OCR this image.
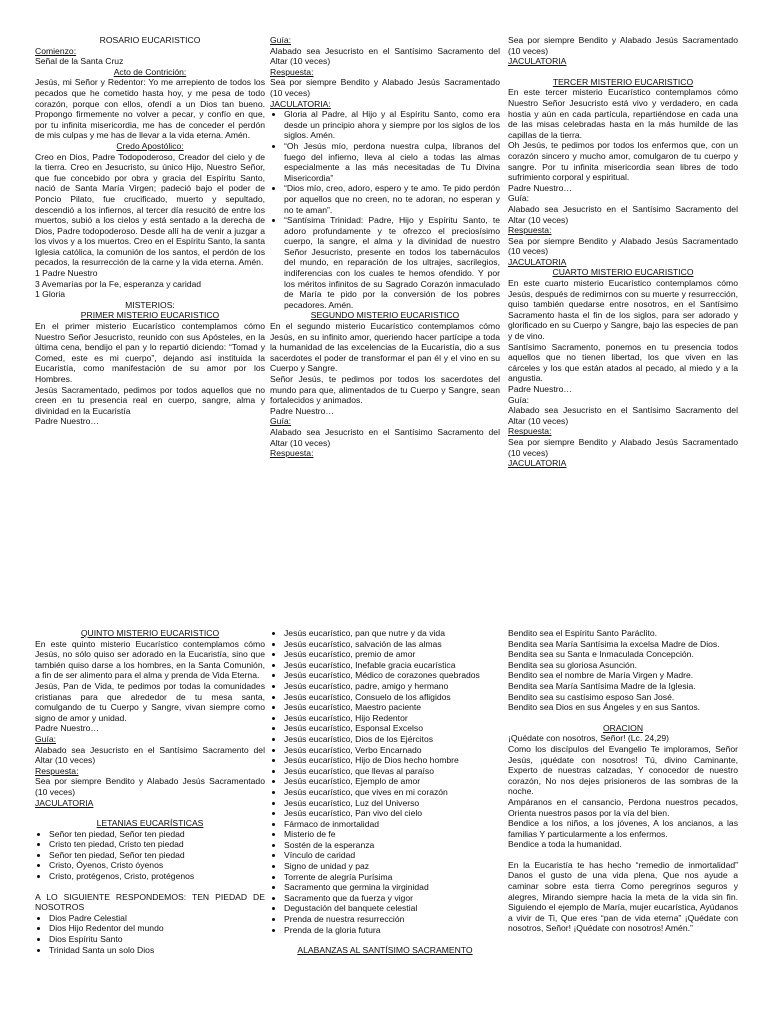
ROSARIO EUCARISTICO
Comienzo:
Señal de la Santa Cruz
Acto de Contrición:

Jesús, mi Señor y Redentor: Yo me arrepiento de todos los pecados que he cometido hasta hoy, y me pesa de todo corazón, porque con ellos, ofendí a un Dios tan bueno. Propongo firmemente no volver a pecar, y confío en que, por tu infinita misericordia, me has de conceder el perdón de mis culpas y me has de llevar a la vida eterna. Amén.

Credo Apostólico:

Creo en Dios, Padre Todopoderoso, Creador del cielo y de la tierra. Creo en Jesucristo, su único Hijo, Nuestro Señor, que fue concebido por obra y gracia del Espíritu Santo, nació de Santa María Virgen; padeció bajo el poder de Poncio Pilato, fue crucificado, muerto y sepultado, descendió a los infiernos, al tercer día resucitó de entre los muertos, subió a los cielos y está sentado a la derecha de Dios, Padre todopoderoso. Desde allí ha de venir a juzgar a los vivos y a los muertos. Creo en el Espíritu Santo, la santa Iglesia católica, la comunión de los santos, el perdón de los pecados, la resurrección de la carne y la vida eterna. Amén.

1 Padre Nuestro
3 Avemarías por la Fe, esperanza y caridad
1 Gloria
MISTERIOS:
PRIMER MISTERIO EUCARISTICO

En el primer misterio Eucarístico contemplamos cómo Nuestro Señor Jesucristo, reunido con sus Apósteles, en la última cena, bendijo el pan y lo repartió diciendo: “Tomad y Comed, este es mi cuerpo”, dejando así instituida la Eucaristía, como manifestación de su amor por los Hombres.

Jesús Sacramentado, pedimos por todos aquellos que no creen en tu presencia real en cuerpo, sangre, alma y divinidad en la Eucaristía

Padre Nuestro…
Guía:

Alabado sea Jesucristo en el Santísimo Sacramento del Altar (10 veces)

Respuesta:

Sea por siempre Bendito y Alabado Jesús Sacramentado (10 veces)

JACULATORIA:
• Gloria al Padre, al Hijo y al Espíritu Santo, como era desde un principio ahora y siempre por los siglos de los siglos. Amén.
• “Oh Jesús mío, perdona nuestra culpa, líbranos del fuego del infierno, lleva al cielo a todas las almas especialmente a las más necesitadas de Tu Divina Misericordia”
• “Dios mío, creo, adoro, espero y te amo. Te pido perdón por aquellos que no creen, no te adoran, no esperan y no te aman”.
• “Santísima Trinidad: Padre, Hijo y Espíritu Santo, te adoro profundamente y te ofrezco el preciosísimo cuerpo, la sangre, el alma y la divinidad de nuestro Señor Jesucristo, presente en todos los tabernáculos del mundo, en reparación de los ultrajes, sacrilegios, indiferencias con los cuales te hemos ofendido. Y por los méritos infinitos de su Sagrado Corazón inmaculado de María te pido por la conversión de los pobres pecadores. Amén.
SEGUNDO MISTERIO EUCARISTICO

En el segundo misterio Eucarístico contemplamos cómo Jesús, en su infinito amor, queriendo hacer partícipe a toda la humanidad de las excelencias de la Eucaristía, dio a sus sacerdotes el poder de transformar el pan él y el vino en su Cuerpo y Sangre.

Señor Jesús, te pedimos por todos los sacerdotes del mundo para que, alimentados de tu Cuerpo y Sangre, sean fortalecidos y animados.

Padre Nuestro…
Guía:

Alabado sea Jesucristo en el Santísimo Sacramento del Altar (10 veces)

Respuesta:

Sea por siempre Bendito y Alabado Jesús Sacramentado (10 veces)

JACULATORIA
TERCER MISTERIO EUCARISTICO

En este tercer misterio Eucarístico contemplamos cómo Nuestro Señor Jesucristo está vivo y verdadero, en cada hostia y aún en cada partícula, repartiéndose en cada una de las misas celebradas hasta en la más humilde de las capillas de la tierra.

Oh Jesús, te pedimos por todos los enfermos que, con un corazón sincero y mucho amor, comulgaron de tu cuerpo y sangre. Por tu infinita misericordia sean libres de todo sufrimiento corporal y espiritual.

Padre Nuestro…
Guía:

Alabado sea Jesucristo en el Santísimo Sacramento del Altar (10 veces)

Respuesta:

Sea por siempre Bendito y Alabado Jesús Sacramentado (10 veces)

JACULATORIA
CUARTO MISTERIO EUCARISTICO

En este cuarto misterio Eucarístico contemplamos cómo Jesús, después de redimirnos con su muerte y resurrección, quiso también quedarse entre nosotros, en el Santísimo Sacramento hasta el fin de los siglos, para ser adorado y glorificado en su Cuerpo y Sangre, bajo las especies de pan y de vino.

Santísimo Sacramento, ponemos en tu presencia todos aquellos que no tienen libertad, los que viven en las cárceles y los que están atados al pecado, al miedo y a la angustia.

Padre Nuestro…
Guía:

Alabado sea Jesucristo en el Santísimo Sacramento del Altar (10 veces)

Respuesta:

Sea por siempre Bendito y Alabado Jesús Sacramentado (10 veces)

JACULATORIA
QUINTO MISTERIO EUCARISTICO

En este quinto misterio Eucarístico contemplamos cómo Jesús, no sólo quiso ser adorado en la Eucaristía, sino que también quiso darse a los hombres, en la Santa Comunión, a fin de ser alimento para el alma y prenda de Vida Eterna.

Jesús, Pan de Vida, te pedimos por todas la comunidades cristianas para que alrededor de tu mesa santa, comulgando de tu Cuerpo y Sangre, vivan siempre como signo de amor y unidad.

Padre Nuestro…
Guía:

Alabado sea Jesucristo en el Santísimo Sacramento del Altar (10 veces)

Respuesta:

Sea por siempre Bendito y Alabado Jesús Sacramentado (10 veces)

JACULATORIA
LETANIAS EUCARÍSTICAS
• Señor ten piedad, Señor ten piedad
• Cristo ten piedad, Cristo ten piedad
• Señor ten piedad, Señor ten piedad
• Cristo, Óyenos, Cristo óyenos
• Cristo, protégenos, Cristo, protégenos

A LO SIGUIENTE RESPONDEMOS: TEN PIEDAD DE NOSOTROS

• Dios Padre Celestial
• Dios Hijo Redentor del mundo
• Dios Espíritu Santo
• Trinidad Santa un solo Dios
• Jesús eucarístico, pan que nutre y da vida
• Jesús eucarístico, salvación de las almas
• Jesús eucarístico, premio de amor
• Jesús eucarístico, Inefable gracia eucarística
• Jesús eucarístico, Médico de corazones quebrados
• Jesús eucarístico, padre, amigo y hermano
• Jesús eucarístico, Consuelo de los afligidos
• Jesús eucarístico, Maestro paciente
• Jesús eucarístico, Hijo Redentor
• Jesús eucarístico, Esponsal Excelso
• Jesús eucarístico, Dios de los Ejércitos
• Jesús eucarístico, Verbo Encarnado
• Jesús eucarístico, Hijo de Dios hecho hombre
• Jesús eucarístico, que llevas al paraíso
• Jesús eucarístico, Ejemplo de amor
• Jesús eucarístico, que vives en mi corazón
• Jesús eucarístico, Luz del Universo
• Jesús eucarístico, Pan vivo del cielo
• Fármaco de inmortalidad
• Misterio de fe
• Sostén de la esperanza
• Vínculo de caridad
• Signo de unidad y paz
• Torrente de alegría Purísima
• Sacramento que germina la virginidad
• Sacramento que da fuerza y vigor
• Degustación del banquete celestial
• Prenda de nuestra resurrección
• Prenda de la gloria futura
ALABANZAS AL SANTÍSIMO SACRAMENTO

Bendito sea el Espíritu Santo Paráclito.

Bendita sea María Santísima la excelsa Madre de Dios.

Bendita sea su Santa e Inmaculada Concepción.

Bendita sea su gloriosa Asunción.

Bendito sea el nombre de María Virgen y Madre.

Bendita sea María Santísima Madre de la Iglesia.

Bendito sea su castísimo esposo San José.

Bendito sea Dios en sus Ángeles y en sus Santos.

ORACION

¡Quédate con nosotros, Señor! (Lc. 24,29)

Como los discípulos del Evangelio Te imploramos, Señor Jesús, ¡quédate con nosotros! Tú, divino Caminante, Experto de nuestras calzadas, Y conocedor de nuestro corazón, No nos dejes prisioneros de las sombras de la noche.

Ampáranos en el cansancio, Perdona nuestros pecados, Orienta nuestros pasos por la vía del bien.

Bendice a los niños, a los jóvenes, A los ancianos, a las familias Y particularmente a los enfermos.

Bendice a toda la humanidad.

En la Eucaristía te has hecho “remedio de inmortalidad” Danos el gusto de una vida plena, Que nos ayude a caminar sobre esta tierra Como peregrinos seguros y alegres, Mirando siempre hacia la meta de la vida sin fin. Siguiendo el ejemplo de María, mujer eucarística, Ayúdanos a vivir de Ti, Que eres “pan de vida eterna” ¡Quédate con nosotros, Señor! ¡Quédate con nosotros! Amén.”
